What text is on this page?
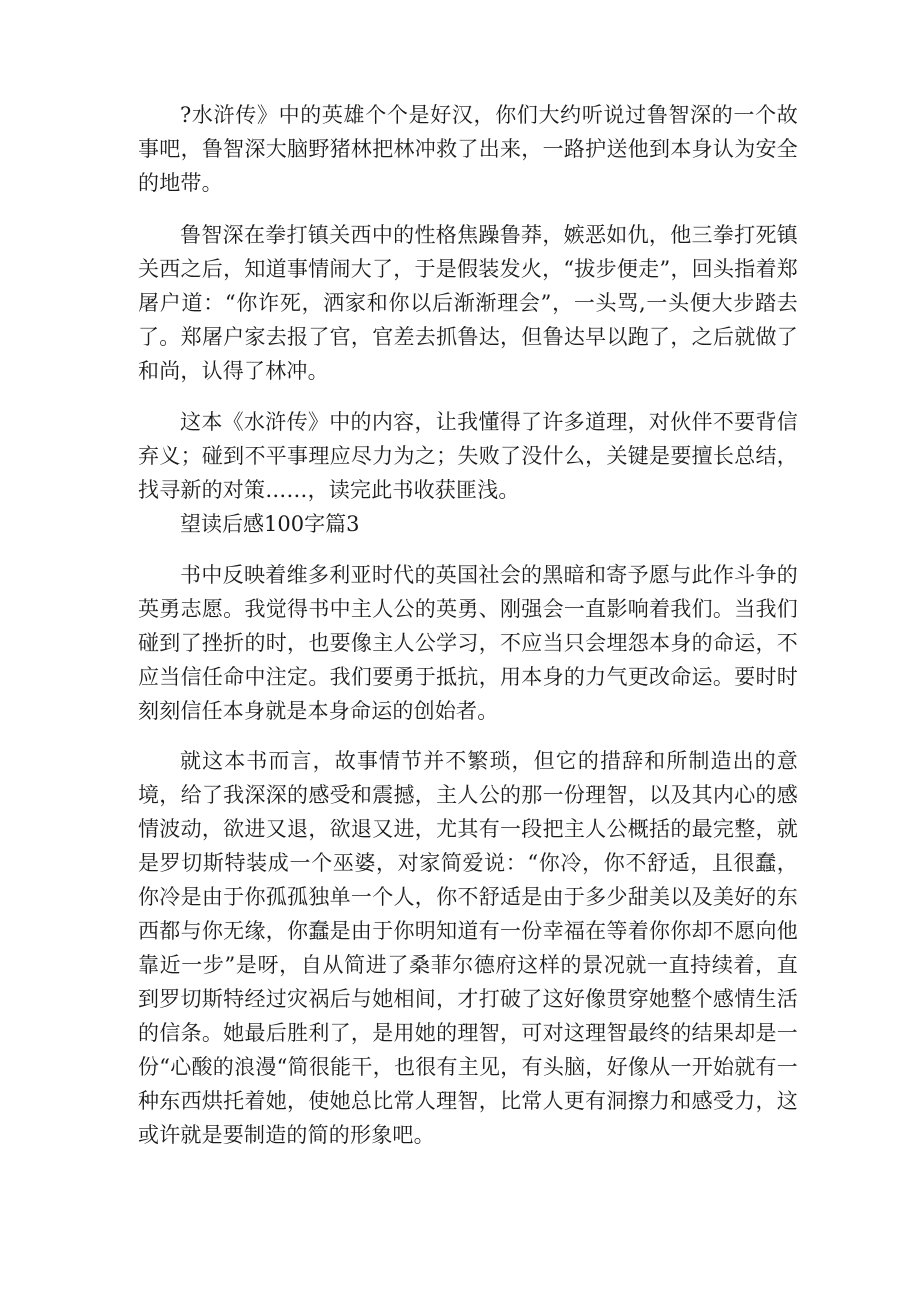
?水浒传》中的英雄个个是好汉，你们大约听说过鲁智深的一个故事吧，鲁智深大脑野猪林把林冲救了出来，一路护送他到本身认为安全的地带。

鲁智深在拳打镇关西中的性格焦躁鲁莽，嫉恶如仇，他三拳打死镇关西之后，知道事情闹大了，于是假装发火，“拔步便走”，回头指着郑屠户道：“你诈死，洒家和你以后渐渐理会”，一头骂,一头便大步踏去了。郑屠户家去报了官，官差去抓鲁达，但鲁达早以跑了，之后就做了和尚，认得了林冲。

这本《水浒传》中的内容，让我懂得了许多道理，对伙伴不要背信弃义；碰到不平事理应尽力为之；失败了没什么，关键是要擅长总结，找寻新的对策……，读完此书收获匪浅。

望读后感100字篇3

书中反映着维多利亚时代的英国社会的黑暗和寄予愿与此作斗争的英勇志愿。我觉得书中主人公的英勇、刚强会一直影响着我们。当我们碰到了挫折的时，也要像主人公学习，不应当只会埋怨本身的命运，不应当信任命中注定。我们要勇于抵抗，用本身的力气更改命运。要时时刻刻信任本身就是本身命运的创始者。

就这本书而言，故事情节并不繁琐，但它的措辞和所制造出的意境，给了我深深的感受和震撼，主人公的那一份理智，以及其内心的感情波动，欲进又退，欲退又进，尤其有一段把主人公概括的最完整，就是罗切斯特装成一个巫婆，对家简爱说：“你冷，你不舒适，且很蠢，你冷是由于你孤孤独单一个人，你不舒适是由于多少甜美以及美好的东西都与你无缘，你蠢是由于你明知道有一份幸福在等着你你却不愿向他靠近一步”是呀，自从简进了桑菲尔德府这样的景况就一直持续着，直到罗切斯特经过灾祸后与她相间，才打破了这好像贯穿她整个感情生活的信条。她最后胜利了，是用她的理智，可对这理智最终的结果却是一份“心酸的浪漫“简很能干，也很有主见，有头脑，好像从一开始就有一种东西烘托着她，使她总比常人理智，比常人更有洞擦力和感受力，这或许就是要制造的简的形象吧。
